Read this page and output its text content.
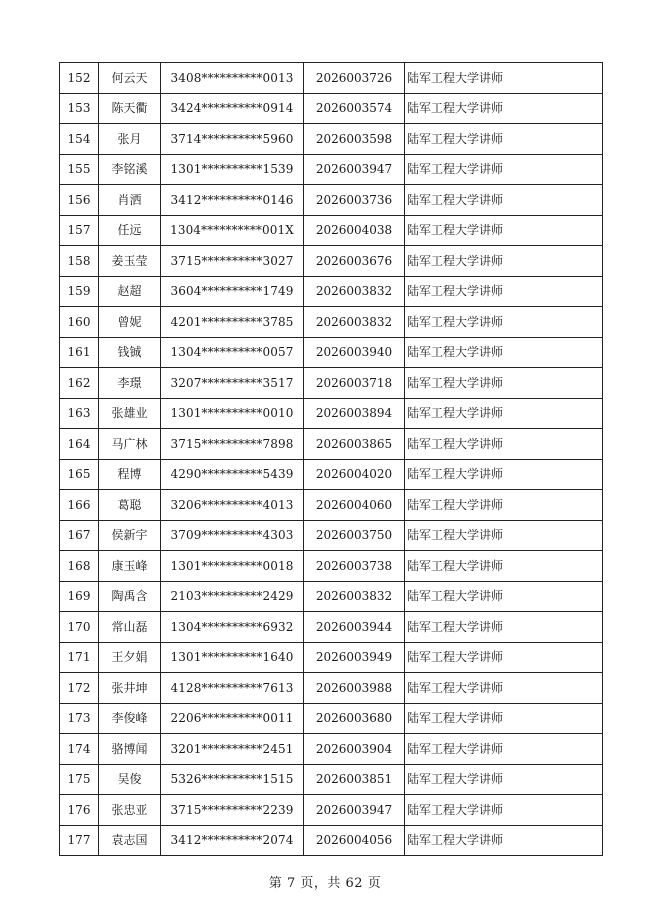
152	何云天	3408**********0013	2026003726	陆军工程大学讲师
153	陈天衢	3424**********0914	2026003574	陆军工程大学讲师
154	张月	3714**********5960	2026003598	陆军工程大学讲师
155	李铭溪	1301**********1539	2026003947	陆军工程大学讲师
156	肖洒	3412**********0146	2026003736	陆军工程大学讲师
157	任远	1304**********001X	2026004038	陆军工程大学讲师
158	姜玉莹	3715**********3027	2026003676	陆军工程大学讲师
159	赵超	3604**********1749	2026003832	陆军工程大学讲师
160	曾妮	4201**********3785	2026003832	陆军工程大学讲师
161	钱铖	1304**********0057	2026003940	陆军工程大学讲师
162	李璟	3207**********3517	2026003718	陆军工程大学讲师
163	张雄业	1301**********0010	2026003894	陆军工程大学讲师
164	马广林	3715**********7898	2026003865	陆军工程大学讲师
165	程博	4290**********5439	2026004020	陆军工程大学讲师
166	葛聪	3206**********4013	2026004060	陆军工程大学讲师
167	侯新宇	3709**********4303	2026003750	陆军工程大学讲师
168	康玉峰	1301**********0018	2026003738	陆军工程大学讲师
169	陶禹含	2103**********2429	2026003832	陆军工程大学讲师
170	常山磊	1304**********6932	2026003944	陆军工程大学讲师
171	王夕娟	1301**********1640	2026003949	陆军工程大学讲师
172	张井坤	4128**********7613	2026003988	陆军工程大学讲师
173	李俊峰	2206**********0011	2026003680	陆军工程大学讲师
174	骆博闻	3201**********2451	2026003904	陆军工程大学讲师
175	吴俊	5326**********1515	2026003851	陆军工程大学讲师
176	张忠亚	3715**********2239	2026003947	陆军工程大学讲师
177	袁志国	3412**********2074	2026004056	陆军工程大学讲师
第 7 页，共 62 页
